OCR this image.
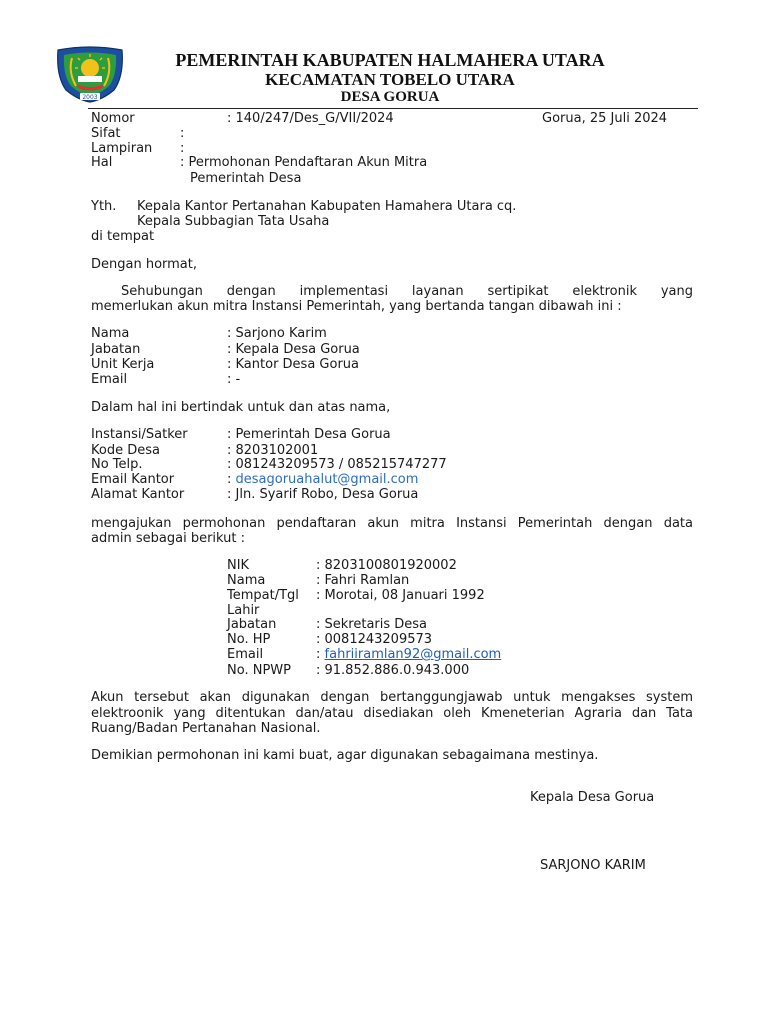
2003
PEMERINTAH KABUPATEN HALMAHERA UTARA
KECAMATAN TOBELO UTARA
DESA GORUA
Nomor	: 140/247/Des_G/VII/2024	Gorua, 25 Juli 2024
Sifat	:
Lampiran :
Hal	: Permohonan Pendaftaran Akun Mitra
Pemerintah Desa
Yth. Kepala Kantor Pertanahan Kabupaten Hamahera Utara cq.
Kepala Subbagian Tata Usaha
di tempat
Dengan hormat,
Sehubungan dengan implementasi layanan sertipikat elektronik yang
memerlukan akun mitra Instansi Pemerintah, yang bertanda tangan dibawah ini :
Nama	: Sarjono Karim
Jabatan	: Kepala Desa Gorua
Unit Kerja	: Kantor Desa Gorua
Email	: -
Dalam hal ini bertindak untuk dan atas nama,
Instansi/Satker	: Pemerintah Desa Gorua
Kode Desa	: 8203102001
No Telp.	: 081243209573 / 085215747277
Email Kantor	: desagoruahalut@gmail.com
Alamat Kantor	: Jln. Syarif Robo, Desa Gorua
mengajukan permohonan pendaftaran akun mitra Instansi Pemerintah dengan data
admin sebagai berikut :
NIK	: 8203100801920002
Nama	: Fahri Ramlan
Tempat/Tgl : Morotai, 08 Januari 1992
Lahir
Jabatan	: Sekretaris Desa
No. HP	: 0081243209573
Email	: fahriiramlan92@gmail.com
No. NPWP : 91.852.886.0.943.000
Akun tersebut akan digunakan dengan bertanggungjawab untuk mengakses system
elektroonik yang ditentukan dan/atau disediakan oleh Kmeneterian Agraria dan Tata
Ruang/Badan Pertanahan Nasional.
Demikian permohonan ini kami buat, agar digunakan sebagaimana mestinya.
Kepala Desa Gorua
SARJONO KARIM
